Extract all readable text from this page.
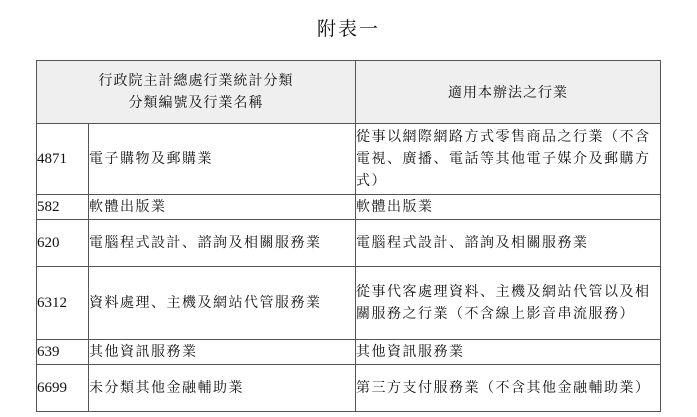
附表一
行政院主計總處行業統計分類
分類編號及行業名稱		適用本辦法之行業
4871	電子購物及郵購業	從事以網際網路方式零售商品之行業（不含電視、廣播、電話等其他電子媒介及郵購方式）
582	軟體出版業	軟體出版業
620	電腦程式設計、諮詢及相關服務業	電腦程式設計、諮詢及相關服務業
6312	資料處理、主機及網站代管服務業	從事代客處理資料、主機及網站代管以及相關服務之行業（不含線上影音串流服務）
639	其他資訊服務業	其他資訊服務業
6699	未分類其他金融輔助業	第三方支付服務業（不含其他金融輔助業）
